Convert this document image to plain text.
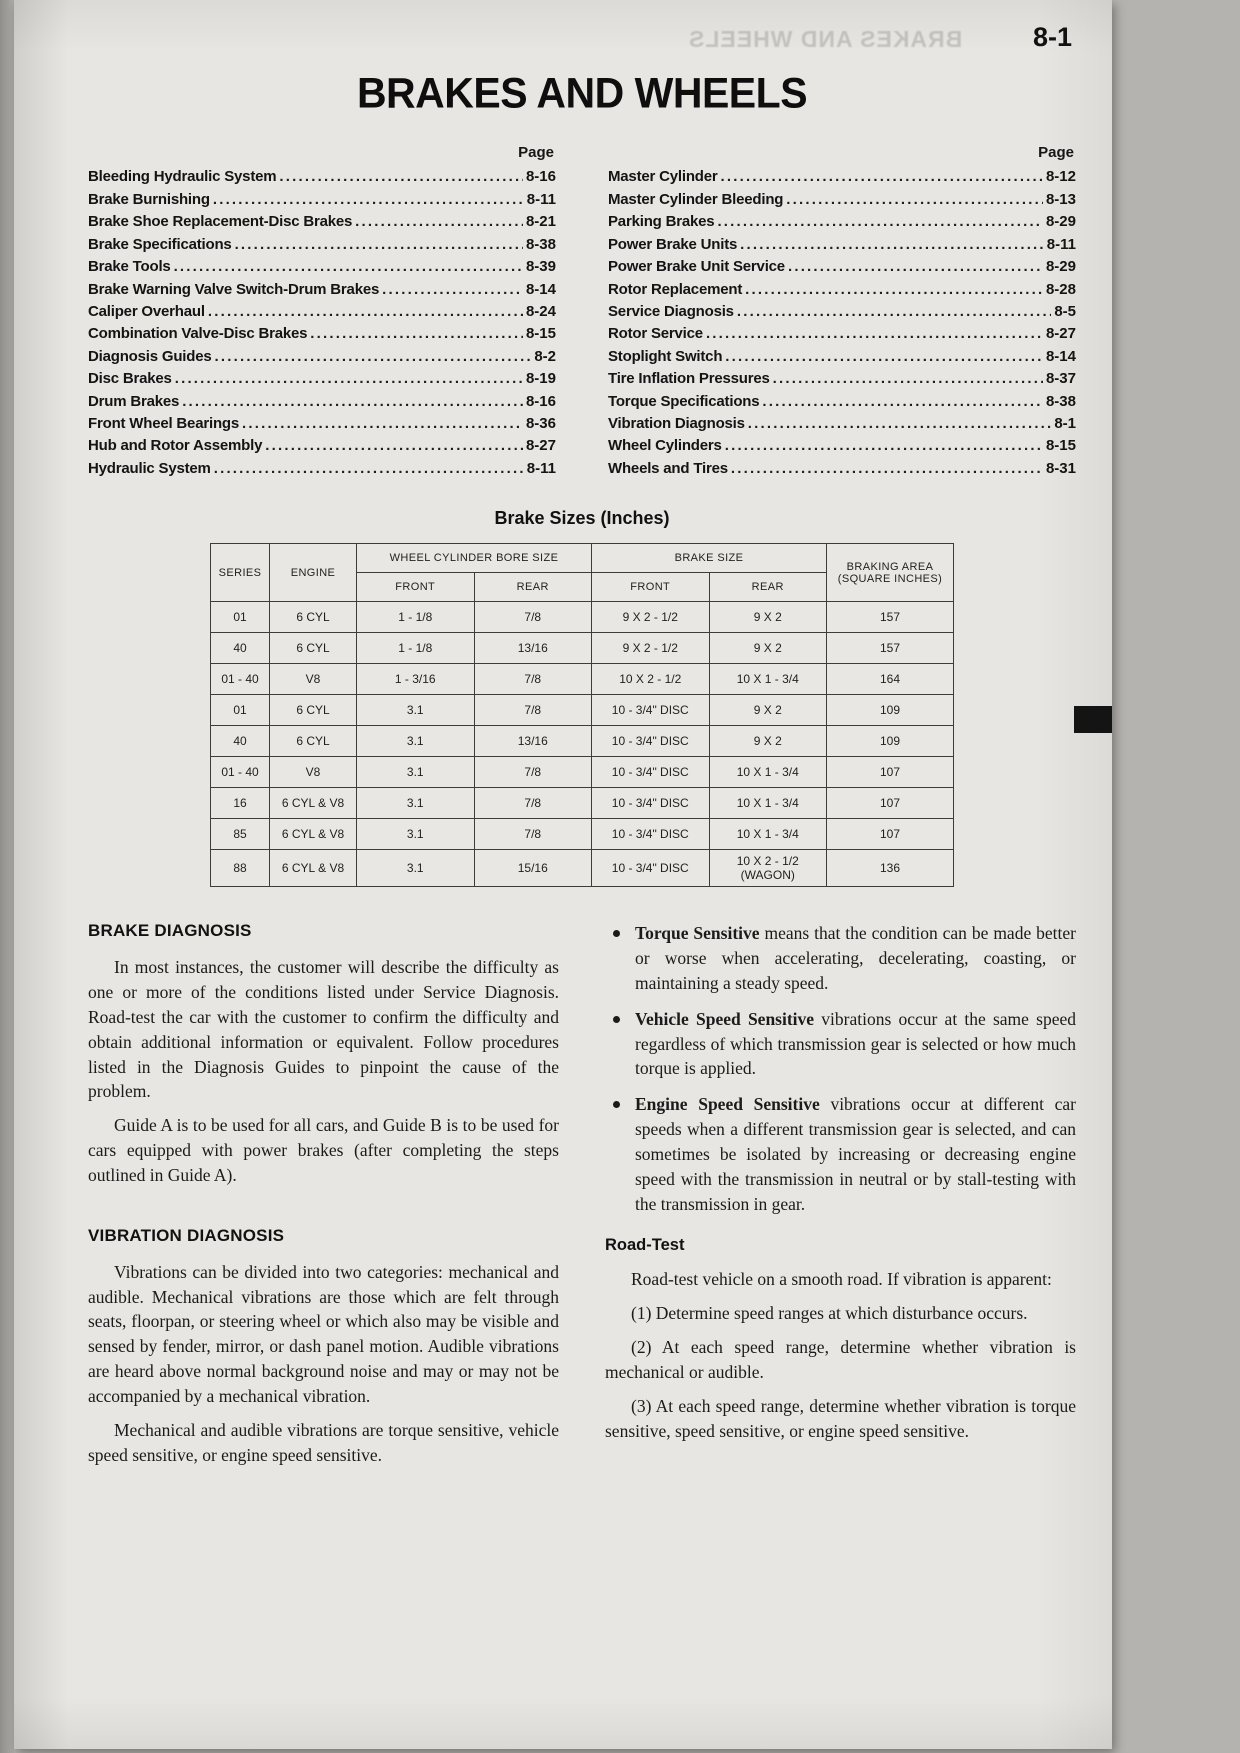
BRAKES AND WHEELS	8-1
BRAKES AND WHEELS
Page
Bleeding Hydraulic System .....	8-16
Brake Burnishing .....	8-11
Brake Shoe Replacement-Disc Brakes .....	8-21
Brake Specifications .....	8-38
Brake Tools .....	8-39
Brake Warning Valve Switch-Drum Brakes .....	8-14
Caliper Overhaul .....	8-24
Combination Valve-Disc Brakes .....	8-15
Diagnosis Guides .....	8-2
Disc Brakes .....	8-19
Drum Brakes .....	8-16
Front Wheel Bearings .....	8-36
Hub and Rotor Assembly .....	8-27
Hydraulic System .....	8-11
Page
Master Cylinder .....	8-12
Master Cylinder Bleeding .....	8-13
Parking Brakes .....	8-29
Power Brake Units .....	8-11
Power Brake Unit Service .....	8-29
Rotor Replacement .....	8-28
Service Diagnosis .....	8-5
Rotor Service .....	8-27
Stoplight Switch .....	8-14
Tire Inflation Pressures .....	8-37
Torque Specifications .....	8-38
Vibration Diagnosis .....	8-1
Wheel Cylinders .....	8-15
Wheels and Tires .....	8-31
Brake Sizes (Inches)
SERIES	ENGINE	WHEEL CYLINDER BORE SIZE		BRAKE SIZE		BRAKING AREA
(SQUARE INCHES)
		FRONT	REAR	FRONT	REAR	
01	6 CYL	1 - 1/8	7/8	9 X 2 - 1/2	9 X 2	157
40	6 CYL	1 - 1/8	13/16	9 X 2 - 1/2	9 X 2	157
01 - 40	V8	1 - 3/16	7/8	10 X 2 - 1/2	10 X 1 - 3/4	164
01	6 CYL	3.1	7/8	10 - 3/4" DISC	9 X 2	109
40	6 CYL	3.1	13/16	10 - 3/4" DISC	9 X 2	109
01 - 40	V8	3.1	7/8	10 - 3/4" DISC	10 X 1 - 3/4	107
16	6 CYL & V8	3.1	7/8	10 - 3/4" DISC	10 X 1 - 3/4	107
85	6 CYL & V8	3.1	7/8	10 - 3/4" DISC	10 X 1 - 3/4	107
88	6 CYL & V8	3.1	15/16	10 - 3/4" DISC	10 X 2 - 1/2 (WAGON)	136
BRAKE DIAGNOSIS

In most instances, the customer will describe the difficulty as one or more of the conditions listed under Service Diagnosis. Road-test the car with the customer to confirm the difficulty and obtain additional information or equivalent. Follow procedures listed in the Diagnosis Guides to pinpoint the cause of the problem.

Guide A is to be used for all cars, and Guide B is to be used for cars equipped with power brakes (after completing the steps outlined in Guide A).

VIBRATION DIAGNOSIS

Vibrations can be divided into two categories: mechanical and audible. Mechanical vibrations are those which are felt through seats, floorpan, or steering wheel or which also may be visible and sensed by fender, mirror, or dash panel motion. Audible vibrations are heard above normal background noise and may or may not be accompanied by a mechanical vibration.

Mechanical and audible vibrations are torque sensitive, vehicle speed sensitive, or engine speed sensitive.

Torque Sensitive means that the condition can be made better or worse when accelerating, decelerating, coasting, or maintaining a steady speed.
Vehicle Speed Sensitive vibrations occur at the same speed regardless of which transmission gear is selected or how much torque is applied.
Engine Speed Sensitive vibrations occur at different car speeds when a different transmission gear is selected, and can sometimes be isolated by increasing or decreasing engine speed with the transmission in neutral or by stall-testing with the transmission in gear.
Road-Test

Road-test vehicle on a smooth road. If vibration is apparent:

(1) Determine speed ranges at which disturbance occurs.

(2) At each speed range, determine whether vibration is mechanical or audible.

(3) At each speed range, determine whether vibration is torque sensitive, speed sensitive, or engine speed sensitive.
